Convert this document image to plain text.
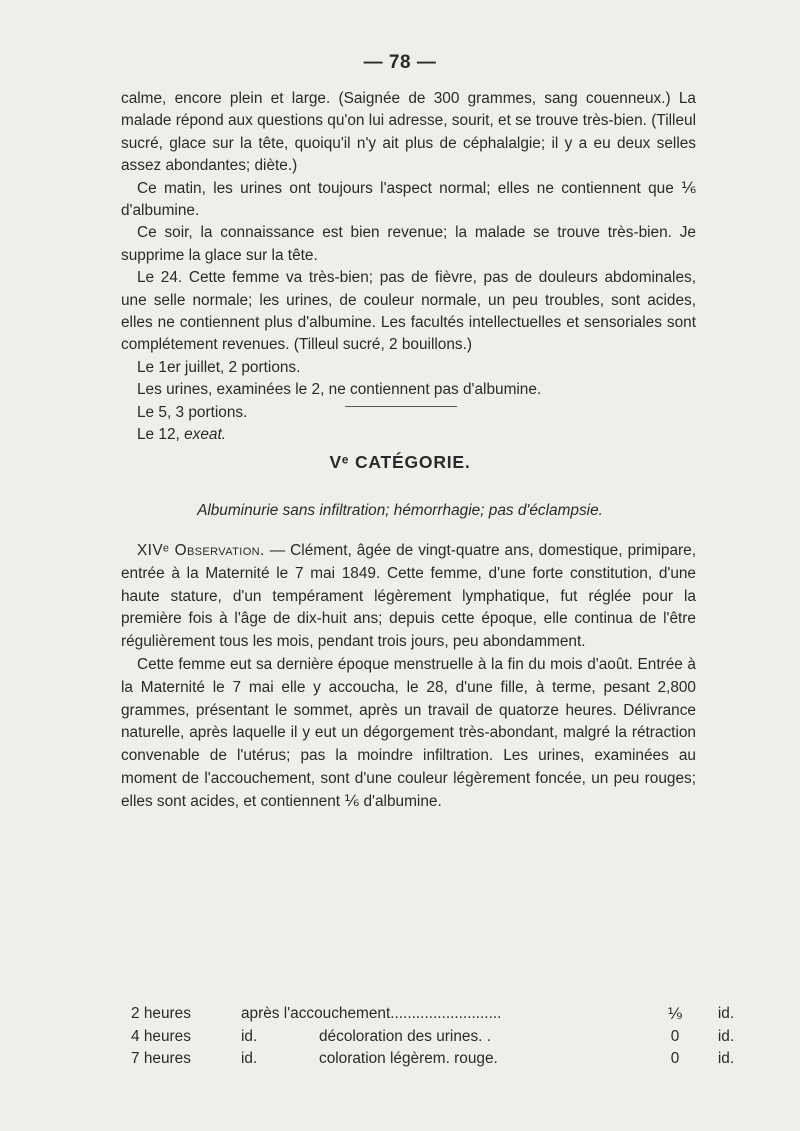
— 78 —

calme, encore plein et large. (Saignée de 300 grammes, sang couenneux.) La malade répond aux questions qu'on lui adresse, sourit, et se trouve très-bien. (Tilleul sucré, glace sur la tête, quoiqu'il n'y ait plus de céphalalgie; il y a eu deux selles assez abondantes; diète.)

Ce matin, les urines ont toujours l'aspect normal; elles ne contiennent que ⅙ d'albumine.

Ce soir, la connaissance est bien revenue; la malade se trouve très-bien. Je supprime la glace sur la tête.

Le 24. Cette femme va très-bien; pas de fièvre, pas de douleurs abdominales, une selle normale; les urines, de couleur normale, un peu troubles, sont acides, elles ne contiennent plus d'albumine. Les facultés intellectuelles et sensoriales sont complétement revenues. (Tilleul sucré, 2 bouillons.)

Le 1er juillet, 2 portions.

Les urines, examinées le 2, ne contiennent pas d'albumine.

Le 5, 3 portions.

Le 12, exeat.

Vᵉ CATÉGORIE.
Albuminurie sans infiltration; hémorrhagie; pas d'éclampsie.

XIVᵉ Observation. — Clément, âgée de vingt-quatre ans, domestique, primipare, entrée à la Maternité le 7 mai 1849. Cette femme, d'une forte constitution, d'une haute stature, d'un tempérament légèrement lymphatique, fut réglée pour la première fois à l'âge de dix-huit ans; depuis cette époque, elle continua de l'être régulièrement tous les mois, pendant trois jours, peu abondamment.

Cette femme eut sa dernière époque menstruelle à la fin du mois d'août. Entrée à la Maternité le 7 mai elle y accoucha, le 28, d'une fille, à terme, pesant 2,800 grammes, présentant le sommet, après un travail de quatorze heures. Délivrance naturelle, après laquelle il y eut un dégorgement très-abondant, malgré la rétraction convenable de l'utérus; pas la moindre infiltration. Les urines, examinées au moment de l'accouchement, sont d'une couleur légèrement foncée, un peu rouges; elles sont acides, et contiennent ⅙ d'albumine.

2 heures	après l'accouchement..........................		⅑	id.
4 heures	id.	décoloration des urines. .	0	id.
7 heures	id.	coloration légèrem. rouge.	0	id.
